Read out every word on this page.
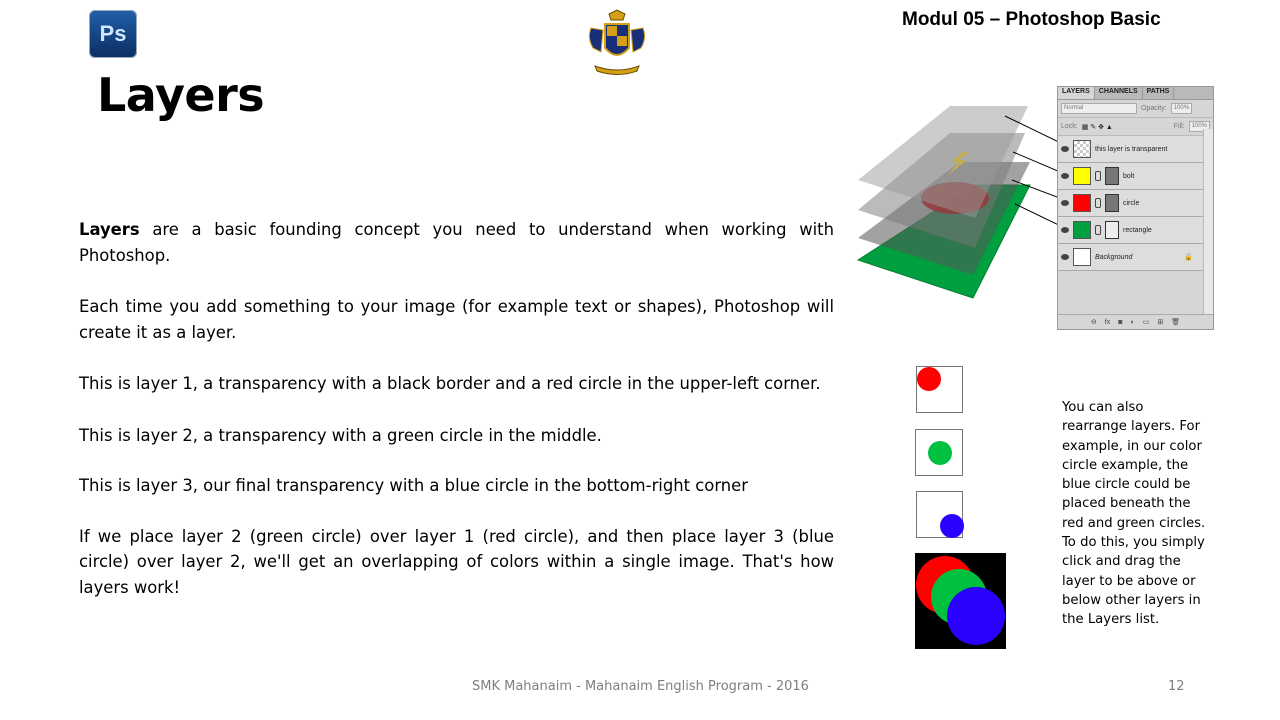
Ps
Modul 05 – Photoshop Basic
Layers

Layers are a basic founding concept you need to understand when working with Photoshop.

Each time you add something to your image (for example text or shapes), Photoshop will create it as a layer.

This is layer 1, a transparency with a black border and a red circle in the upper-left corner.

This is layer 2, a transparency with a green circle in the middle.

This is layer 3, our final transparency with a blue circle in the bottom-right corner

If we place layer 2 (green circle) over layer 1 (red circle), and then place layer 3 (blue circle) over layer 2, we'll get an overlapping of colors within a single image. That's how layers work!

LAYERS	CHANNELS	PATHS
Normal	Opacity:	100%
Lock: ▦ ✎ ✥ ▲	Fill:	100%
this layer is transparent
bolt
circle
rectangle
Background	🔒
⊖ fx ◙ ◐ ▭ ⊞ 🗑
You can also rearrange layers. For example, in our color circle example, the blue circle could be placed beneath the red and green circles. To do this, you simply click and drag the layer to be above or below other layers in the Layers list.
SMK Mahanaim - Mahanaim English Program - 2016	12
